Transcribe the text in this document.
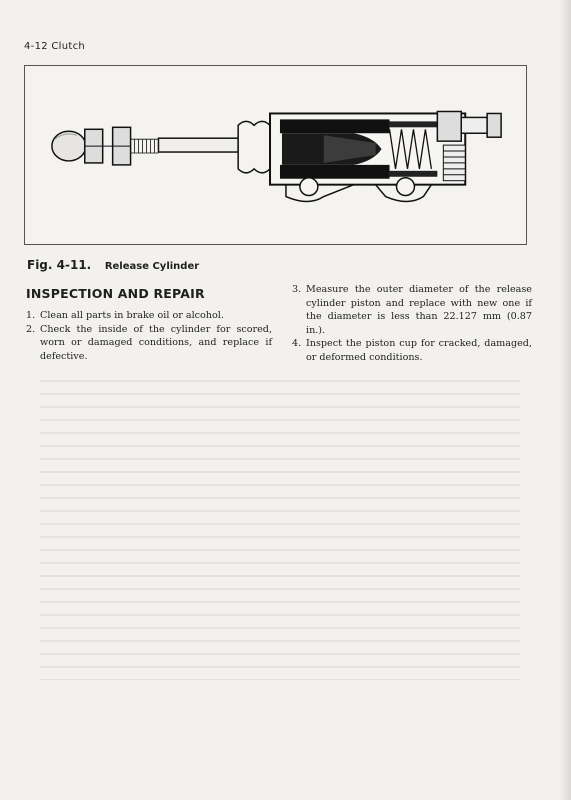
4-12 Clutch
Fig. 4-11. Release Cylinder
INSPECTION AND REPAIR
1. Clean all parts in brake oil or alcohol.
2. Check the inside of the cylinder for scored, worn or damaged conditions, and replace if defective.
3. Measure the outer diameter of the release cylinder piston and replace with new one if the diameter is less than 22.127 mm (0.87 in.).
4. Inspect the piston cup for cracked, damaged, or deformed conditions.
